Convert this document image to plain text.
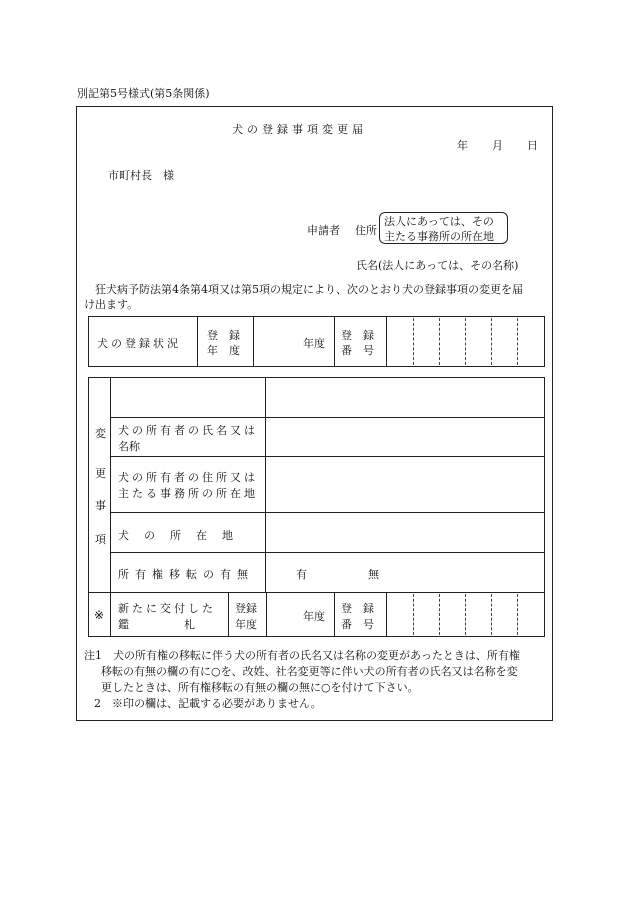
別記第5号様式(第5条関係)
犬の登録事項変更届
年 月 日
市町村長　様
申請者 住所
法人にあっては、その
主たる事務所の所在地
氏名(法人にあっては、その名称)
狂犬病予防法第4条第4項又は第5項の規定により、次のとおり犬の登録事項の変更を届
け出ます。
犬の登録状況
登　録
年　度
年度
登　録
番　号
変
更
事
項
犬の所有者の氏名又は
名称
犬の所有者の住所又は
主たる事務所の所在地
犬　の　所　在　地
所有権移転の有無	有	無
※ 新たに交付した
鑑　　　　　札
登録
年度
年度
登　録
番　号
注1　犬の所有権の移転に伴う犬の所有者の氏名又は名称の変更があったときは、所有権
移転の有無の欄の有に○を、改姓、社名変更等に伴い犬の所有者の氏名又は名称を変
更したときは、所有権移転の有無の欄の無に○を付けて下さい。
2　※印の欄は、記載する必要がありません。
